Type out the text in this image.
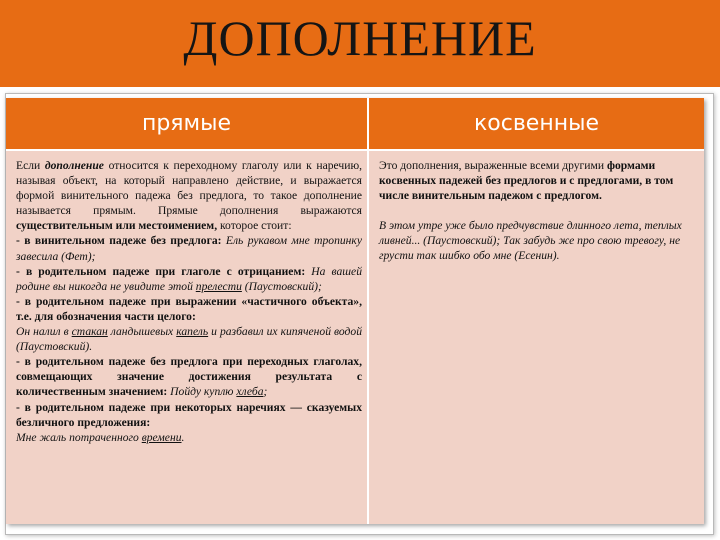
ДОПОЛНЕНИЕ
прямые	косвенные

Если дополнение относится к переходному глаголу или к наречию, называя объект, на который направлено действие, и выражается формой винительного падежа без предлога, то такое дополнение называется прямым. Прямые дополнения выражаются существительным или местоимением, которое стоит:

- в винительном падеже без предлога: Ель рукавом мне тропинку завесила (Фет);

- в родительном падеже при глаголе с отрицанием: На вашей родине вы никогда не увидите этой прелести (Паустовский);

- в родительном падеже при выражении «частичного объекта», т.е. для обозначения части целого:

Он налил в стакан ландышевых капель и разбавил их кипяченой водой (Паустовский).

- в родительном падеже без предлога при переходных глаголах, совмещающих значение достижения результата с количественным значением: Пойду куплю хлеба;

- в родительном падеже при некоторых наречиях — сказуемых безличного предложения:

Мне жаль потраченного времени.

Это дополнения, выраженные всеми другими формами косвенных падежей без предлогов и с предлогами, в том числе винительным падежом с предлогом.

В этом утре уже было предчувствие длинного лета, теплых ливней... (Паустовский); Так забудь же про свою тревогу, не грусти так шибко обо мне (Есенин).
